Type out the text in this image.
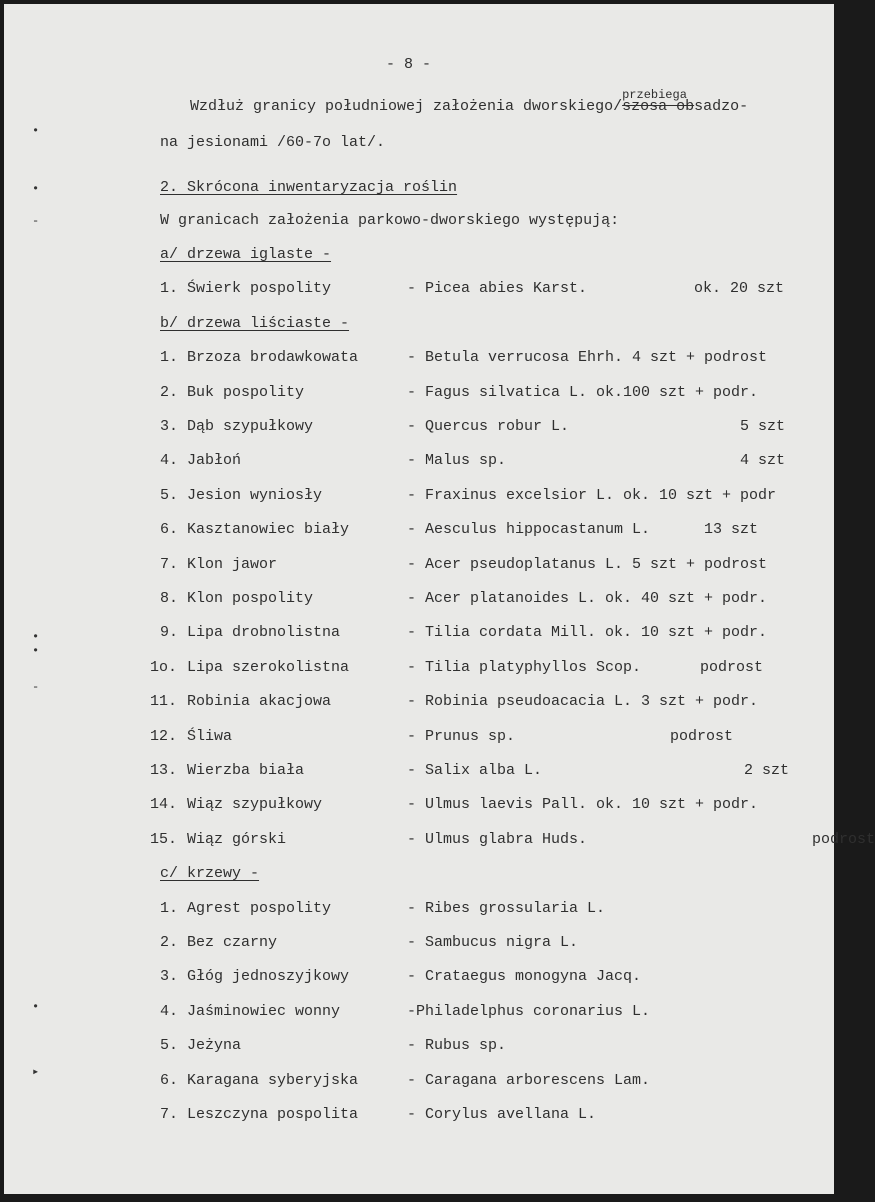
•
•
-
•
•
-
•
▸
- 8 -
Wzdłuż granicy południowej założenia dworskiego/
przebiega
szosa obsadzo-
na jesionami /60-7o lat/.
2. Skrócona inwentaryzacja roślin
W granicach założenia parkowo-dworskiego występują:
a/ drzewa iglaste -
1. Świerk pospolity	- Picea abies Karst.	ok. 20 szt
b/ drzewa liściaste -
1. Brzoza brodawkowata	- Betula verrucosa Ehrh. 4 szt + podrost
2. Buk pospolity	- Fagus silvatica L. ok.100 szt + podr.
3. Dąb szypułkowy	- Quercus robur L.	5 szt
4. Jabłoń	- Malus sp.	4 szt
5. Jesion wyniosły	- Fraxinus excelsior L. ok. 10 szt + podr
6. Kasztanowiec biały	- Aesculus hippocastanum L.	13 szt
7. Klon jawor	- Acer pseudoplatanus L. 5 szt + podrost
8. Klon pospolity	- Acer platanoides L. ok. 40 szt + podr.
9. Lipa drobnolistna	- Tilia cordata Mill. ok. 10 szt + podr.
1o. Lipa szerokolistna	- Tilia platyphyllos Scop.	podrost
11. Robinia akacjowa	- Robinia pseudoacacia L. 3 szt + podr.
12. Śliwa	- Prunus sp.	podrost
13. Wierzba biała	- Salix alba L.	2 szt
14. Wiąz szypułkowy	- Ulmus laevis Pall. ok. 10 szt + podr.
15. Wiąz górski	- Ulmus glabra Huds.	podrost
c/ krzewy -
1. Agrest pospolity	- Ribes grossularia L.
2. Bez czarny	- Sambucus nigra L.
3. Głóg jednoszyjkowy	- Crataegus monogyna Jacq.
4. Jaśminowiec wonny	-Philadelphus coronarius L.
5. Jeżyna	- Rubus sp.
6. Karagana syberyjska	- Caragana arborescens Lam.
7. Leszczyna pospolita	- Corylus avellana L.
